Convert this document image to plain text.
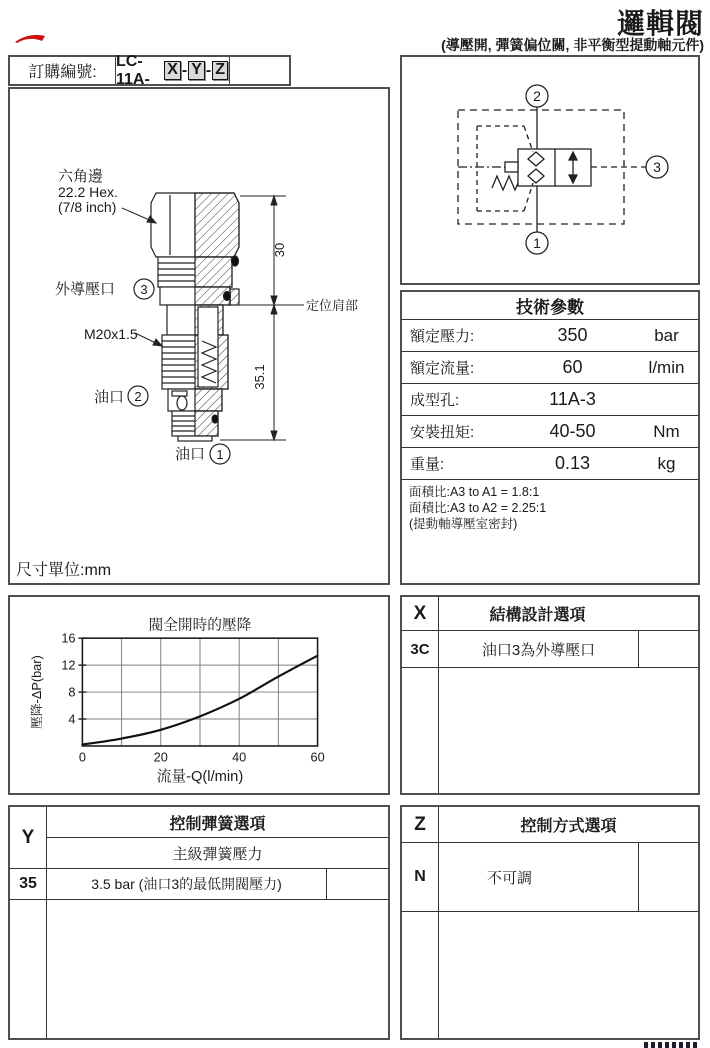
邏輯閥
(導壓開, 彈簧偏位關, 非平衡型提動軸元件)
訂購編號:
LC-11A-
X - Y - Z
六角邊
22.2 Hex.
(7/8 inch)
外導壓口 3
M20x1.5
油口 2
油口 1
30
35.1
定位肩部
尺寸單位:mm
2
1
3
技術參數
額定壓力:	350	bar
額定流量:	60	l/min
成型孔:	11A-3
安裝扭矩:	40-50	Nm
重量:	0.13	kg
面積比:A3 to A1 = 1.8:1
面積比:A3 to A2 = 2.25:1
(提動軸導壓室密封)
閥全開時的壓降
流量-Q(l/min)
壓降-ΔP(bar)
0	20	40	60
4
8
12
16
X	結構設計選項
3C	油口3為外導壓口
Y
控制彈簧選項
主級彈簧壓力
35	3.5 bar (油口3的最低開閥壓力)
Z	控制方式選項
N	不可調
